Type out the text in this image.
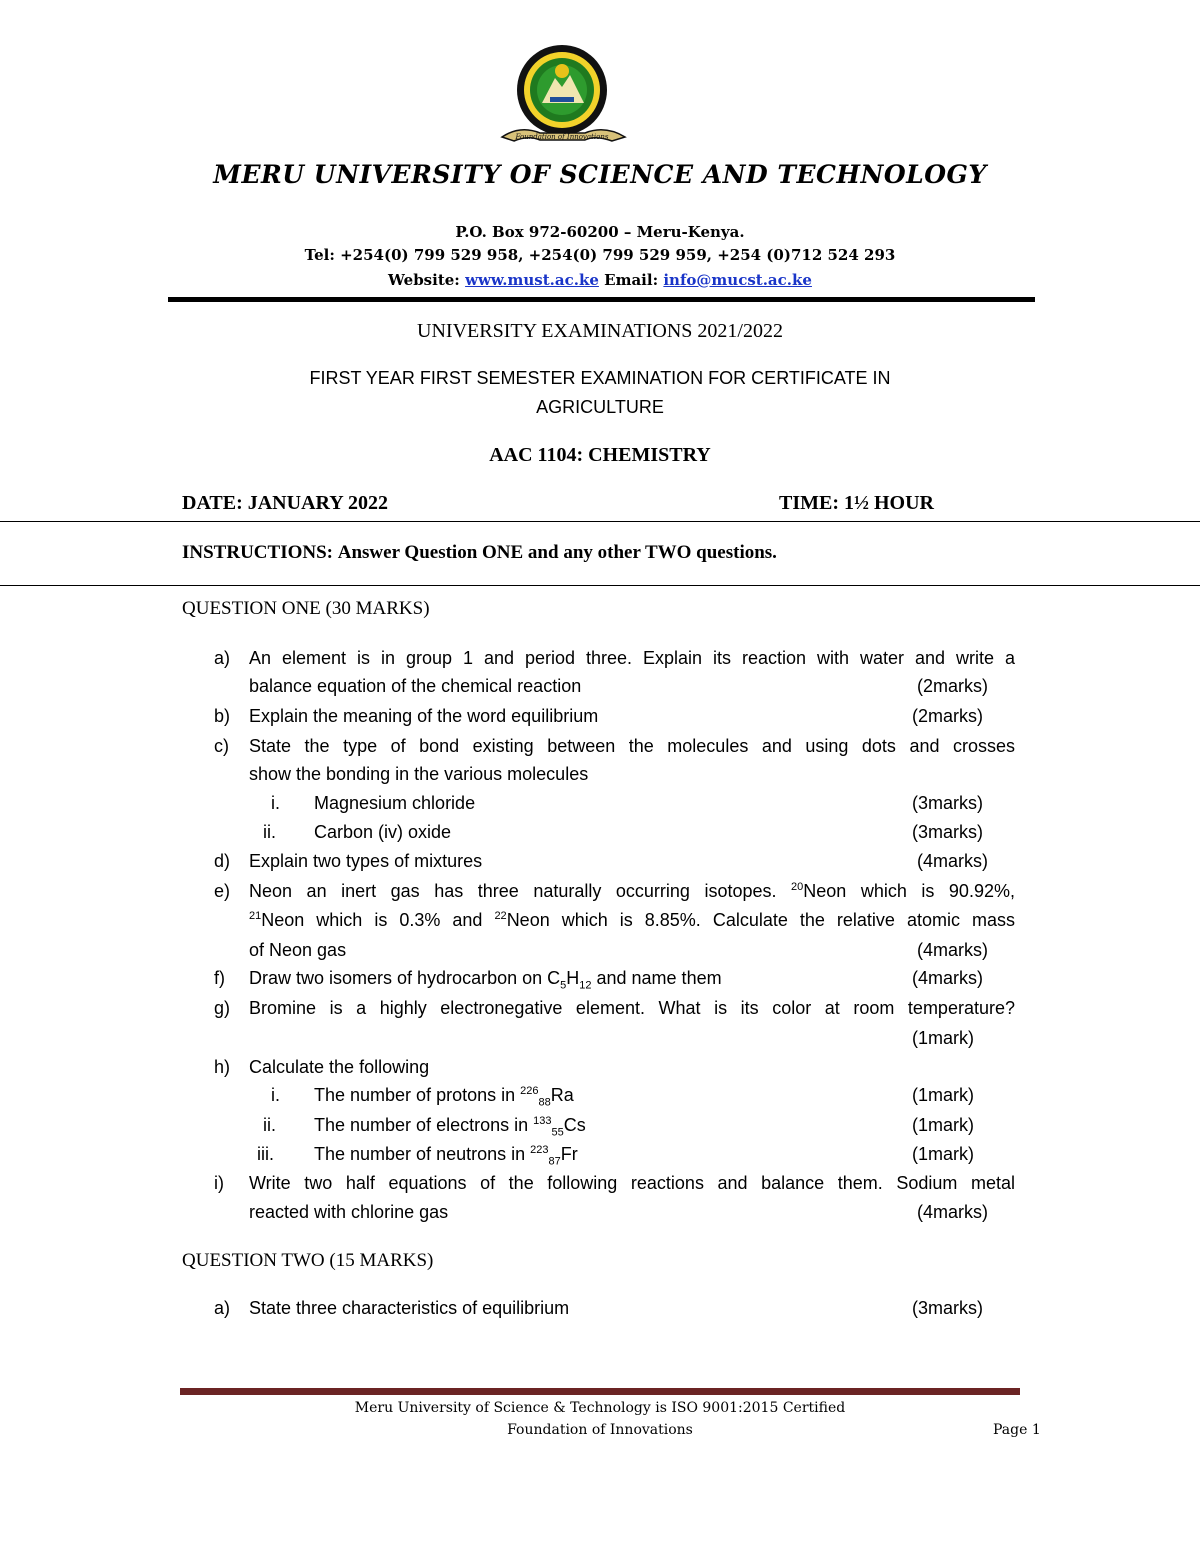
Foundation of Innovations
MERU UNIVERSITY OF SCIENCE AND TECHNOLOGY
P.O. Box 972-60200 – Meru-Kenya.
Tel: +254(0) 799 529 958, +254(0) 799 529 959, +254 (0)712 524 293
Website: www.must.ac.ke Email: info@mucst.ac.ke
UNIVERSITY EXAMINATIONS 2021/2022
FIRST YEAR FIRST SEMESTER EXAMINATION FOR CERTIFICATE IN
AGRICULTURE
AAC 1104: CHEMISTRY
DATE: JANUARY 2022	TIME: 1½ HOUR
INSTRUCTIONS: Answer Question ONE and any other TWO questions.
QUESTION ONE (30 MARKS)
a) An element is in group 1 and period three. Explain its reaction with water and write a
balance equation of the chemical reaction	(2marks)
b) Explain the meaning of the word equilibrium	(2marks)
c) State the type of bond existing between the molecules and using dots and crosses
show the bonding in the various molecules
i. Magnesium chloride	(3marks)
ii. Carbon (iv) oxide	(3marks)
d) Explain two types of mixtures	(4marks)
e) Neon an inert gas has three naturally occurring isotopes. $^{20}$Neon which is 90.92%,
$^{21}$Neon which is 0.3% and $^{22}$Neon which is 8.85%. Calculate the relative atomic mass
of Neon gas	(4marks)
f) Draw two isomers of hydrocarbon on $C_5H_{12}$ and name them	(4marks)
g) Bromine is a highly electronegative element. What is its color at room temperature?
(1mark)
h) Calculate the following
i. The number of protons in $^{226}_{88}$Ra	(1mark)
ii. The number of electrons in $^{133}_{55}$Cs	(1mark)
iii. The number of neutrons in $^{223}_{87}$Fr	(1mark)
i) Write two half equations of the following reactions and balance them. Sodium metal
reacted with chlorine gas	(4marks)
QUESTION TWO (15 MARKS)
a) State three characteristics of equilibrium	(3marks)
Meru University of Science & Technology is ISO 9001:2015 Certified
Foundation of Innovations	Page 1
